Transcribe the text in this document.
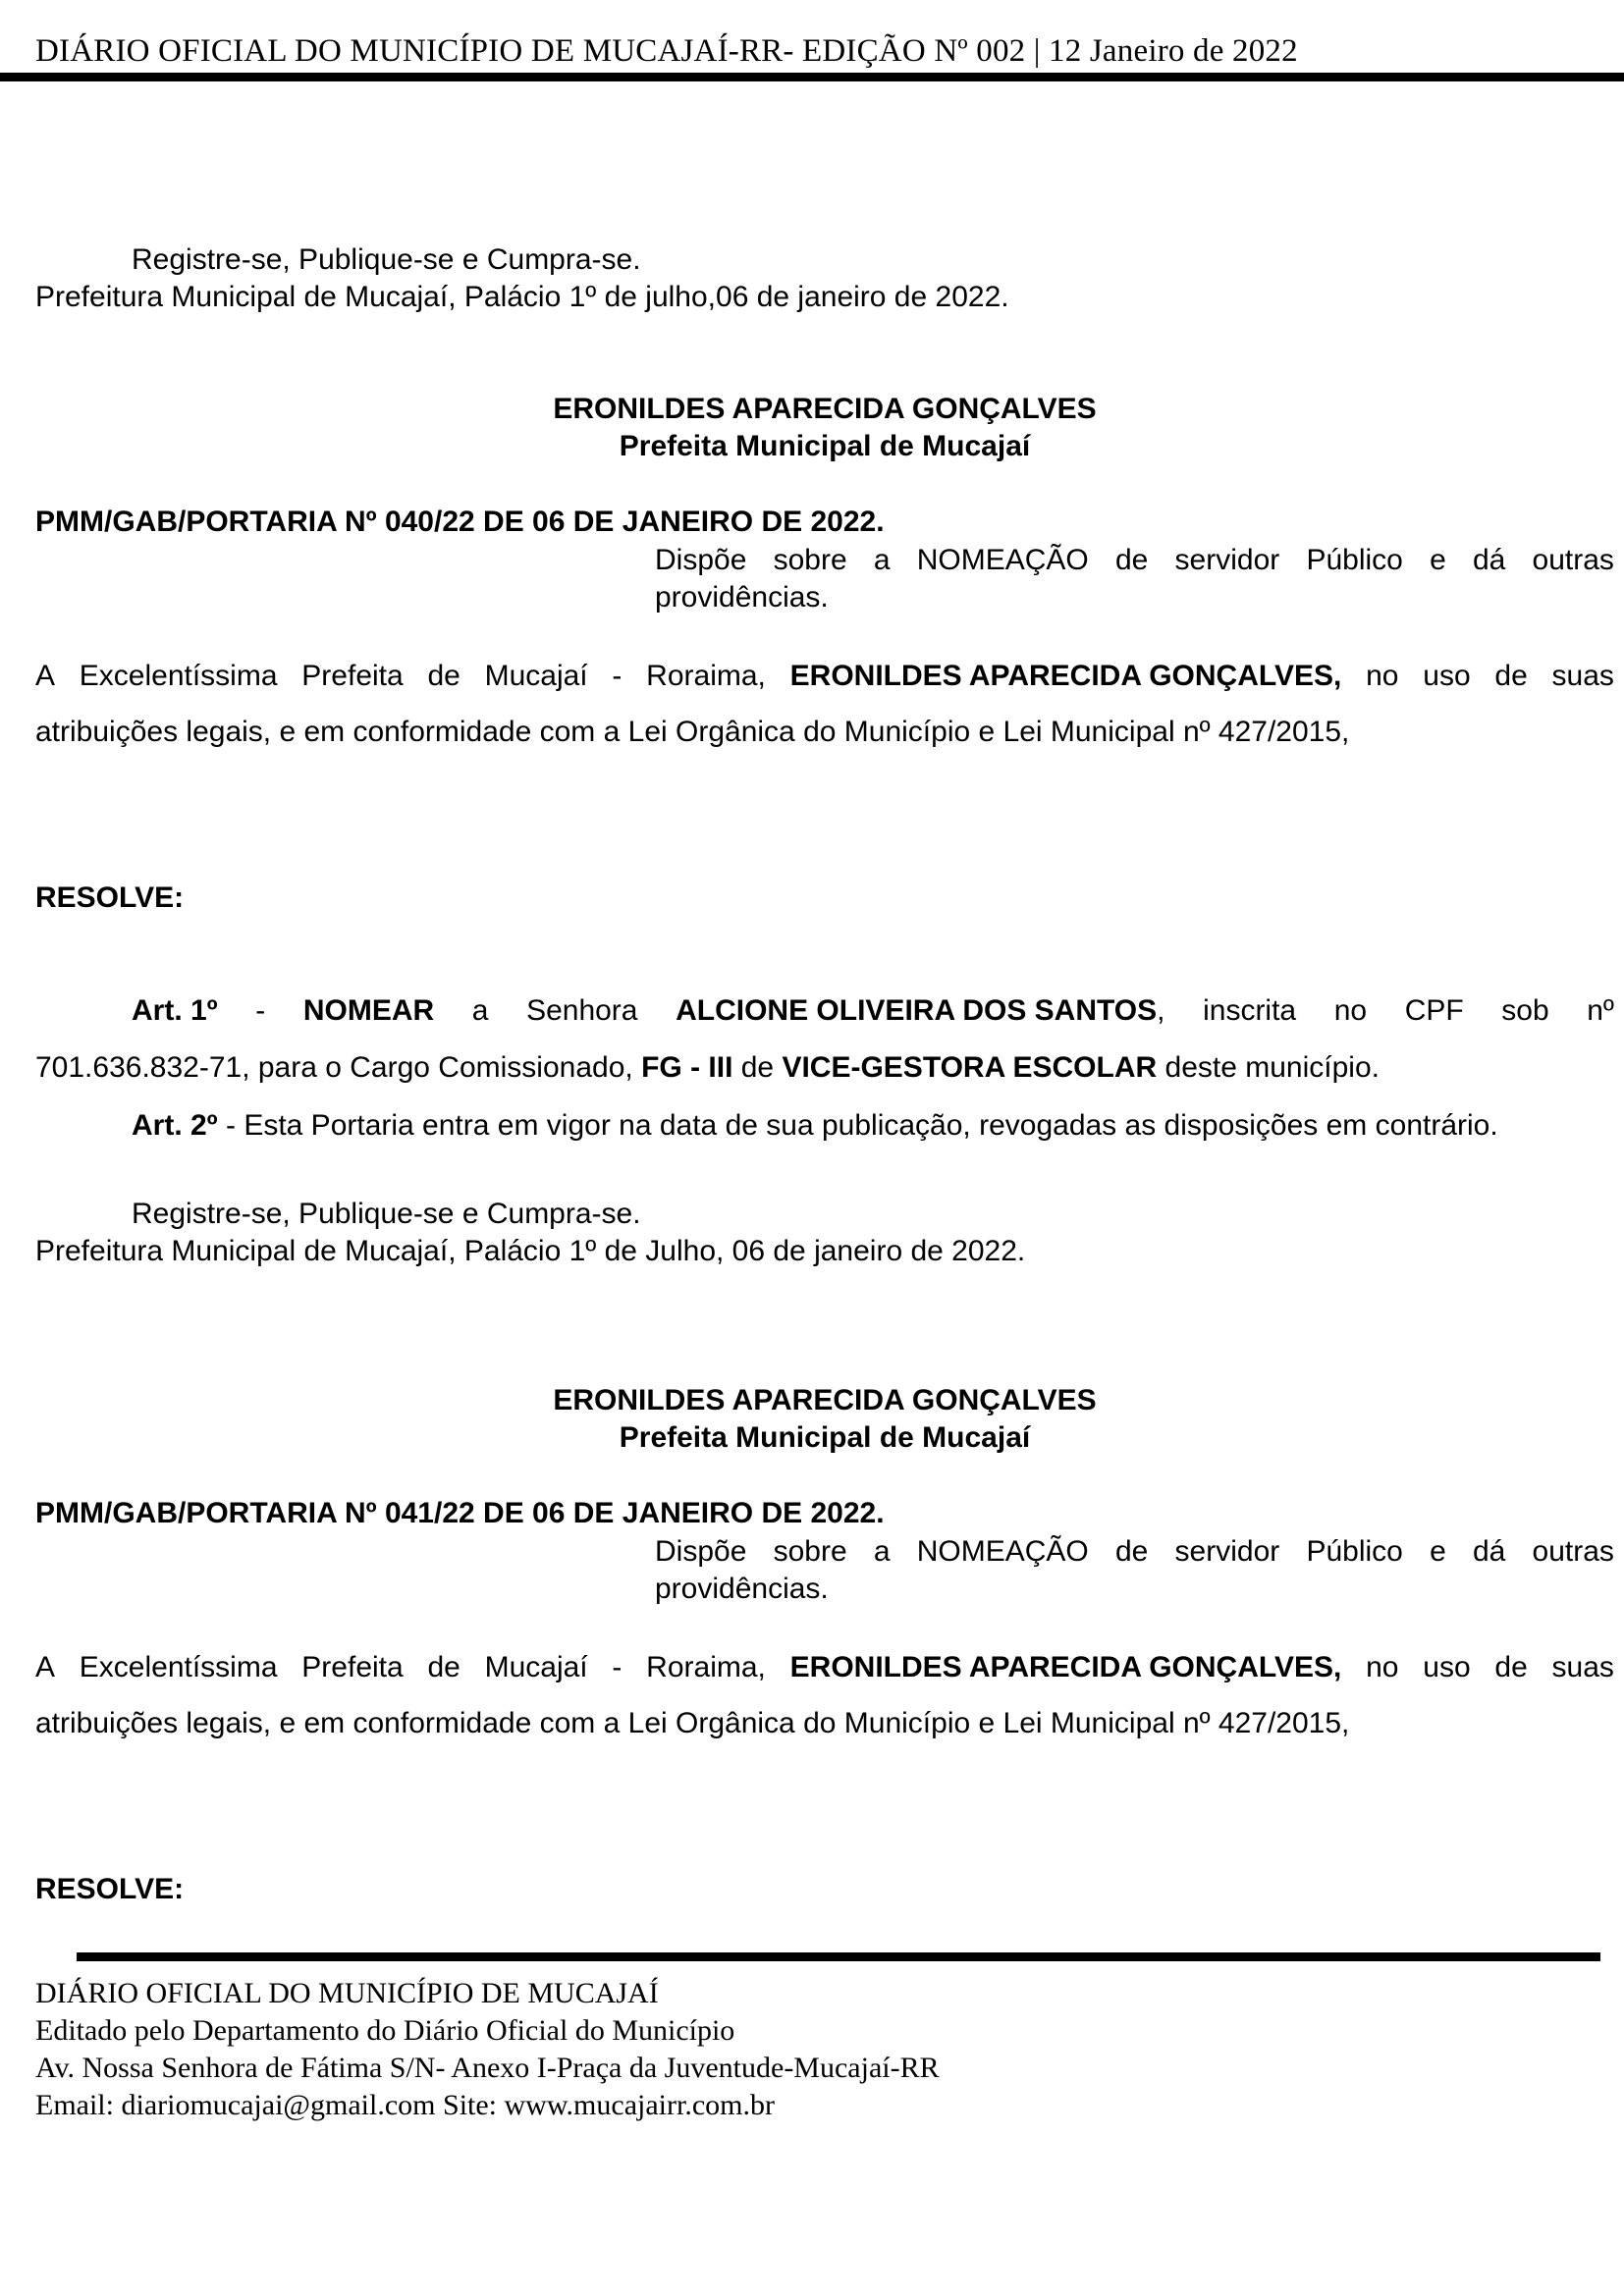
DIÁRIO OFICIAL DO MUNICÍPIO DE MUCAJAÍ-RR- EDIÇÃO Nº 002 | 12 Janeiro de 2022
Registre-se, Publique-se e Cumpra-se.
Prefeitura Municipal de Mucajaí, Palácio 1º de julho,06 de janeiro de 2022.
ERONILDES APARECIDA GONÇALVES
Prefeita Municipal de Mucajaí
PMM/GAB/PORTARIA Nº 040/22 DE 06 DE JANEIRO DE 2022.
Dispõe sobre a NOMEAÇÃO de servidor Público e dá outras
providências.
A Excelentíssima Prefeita de Mucajaí - Roraima, ERONILDES APARECIDA GONÇALVES, no uso de suas
atribuições legais, e em conformidade com a Lei Orgânica do Município e Lei Municipal nº 427/2015,
RESOLVE:
Art. 1º - NOMEAR a Senhora ALCIONE OLIVEIRA DOS SANTOS , inscrita no CPF sob nº
701.636.832-71, para o Cargo Comissionado, FG - III de VICE-GESTORA ESCOLAR deste município.
Art. 2º - Esta Portaria entra em vigor na data de sua publicação, revogadas as disposições em contrário.
Registre-se, Publique-se e Cumpra-se.
Prefeitura Municipal de Mucajaí, Palácio 1º de Julho, 06 de janeiro de 2022.
ERONILDES APARECIDA GONÇALVES
Prefeita Municipal de Mucajaí
PMM/GAB/PORTARIA Nº 041/22 DE 06 DE JANEIRO DE 2022.
Dispõe sobre a NOMEAÇÃO de servidor Público e dá outras
providências.
A Excelentíssima Prefeita de Mucajaí - Roraima, ERONILDES APARECIDA GONÇALVES, no uso de suas
atribuições legais, e em conformidade com a Lei Orgânica do Município e Lei Municipal nº 427/2015,
RESOLVE:
DIÁRIO OFICIAL DO MUNICÍPIO DE MUCAJAÍ
Editado pelo Departamento do Diário Oficial do Município
Av. Nossa Senhora de Fátima S/N- Anexo I-Praça da Juventude-Mucajaí-RR
Email: diariomucajai@gmail.com Site: www.mucajairr.com.br
